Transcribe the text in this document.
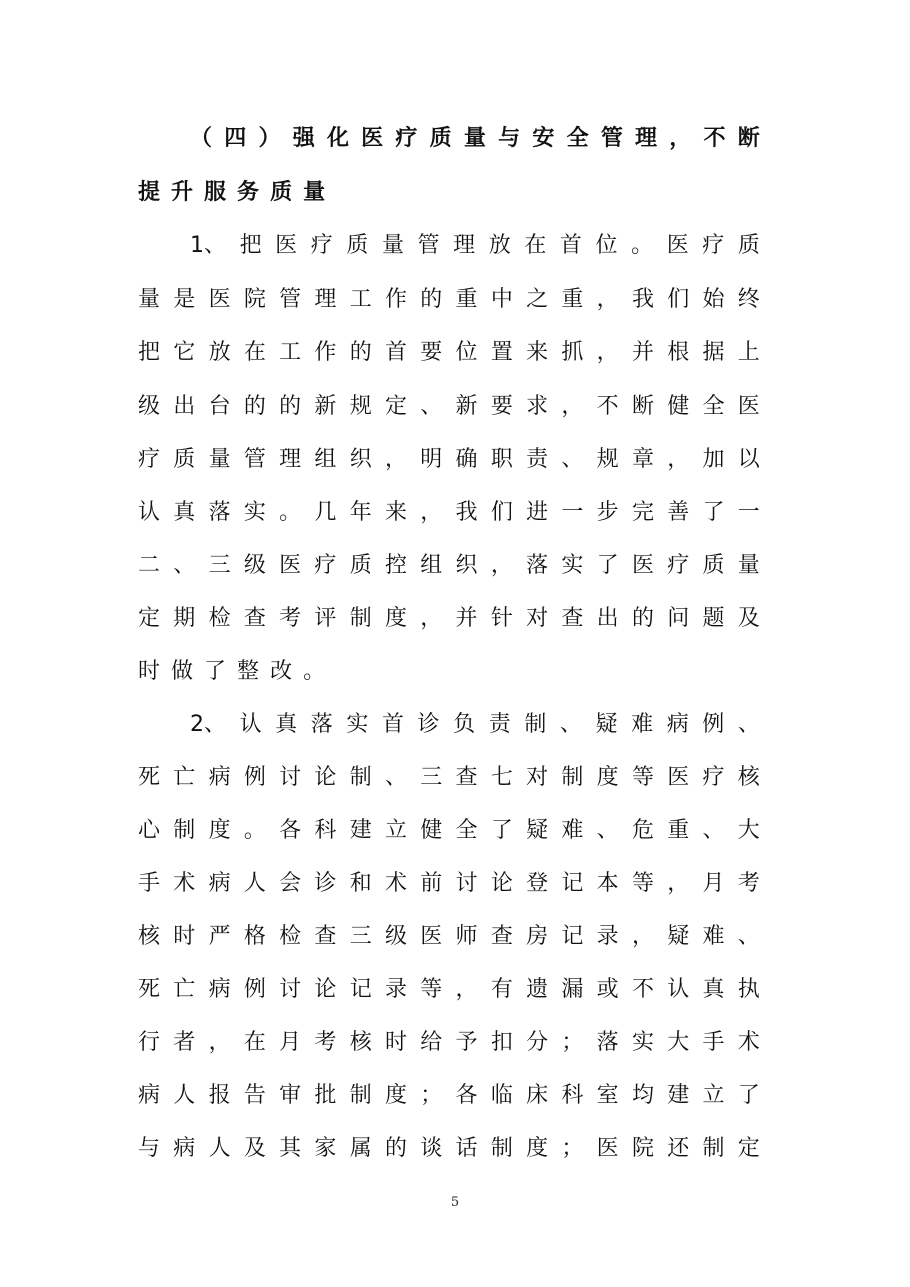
（ 四 ） 强 化 医 疗 质 量 与 安 全 管 理 ， 不 断
提 升 服 务 质 量
1、 把 医 疗 质 量 管 理 放 在 首 位 。 医 疗 质
量 是 医 院 管 理 工 作 的 重 中 之 重 ， 我 们 始 终
把 它 放 在 工 作 的 首 要 位 置 来 抓 ， 并 根 据 上
级 出 台 的 的 新 规 定 、 新 要 求 ， 不 断 健 全 医
疗 质 量 管 理 组 织 ， 明 确 职 责 、 规 章 ， 加 以
认 真 落 实 。 几 年 来 ， 我 们 进 一 步 完 善 了 一
二 、 三 级 医 疗 质 控 组 织 ， 落 实 了 医 疗 质 量
定 期 检 查 考 评 制 度 ， 并 针 对 查 出 的 问 题 及
时 做 了 整 改 。
2、 认 真 落 实 首 诊 负 责 制 、 疑 难 病 例 、
死 亡 病 例 讨 论 制 、 三 查 七 对 制 度 等 医 疗 核
心 制 度 。 各 科 建 立 健 全 了 疑 难 、 危 重 、 大
手 术 病 人 会 诊 和 术 前 讨 论 登 记 本 等 ， 月 考
核 时 严 格 检 查 三 级 医 师 查 房 记 录 ， 疑 难 、
死 亡 病 例 讨 论 记 录 等 ， 有 遗 漏 或 不 认 真 执
行 者 ， 在 月 考 核 时 给 予 扣 分 ； 落 实 大 手 术
病 人 报 告 审 批 制 度 ； 各 临 床 科 室 均 建 立 了
与 病 人 及 其 家 属 的 谈 话 制 度 ； 医 院 还 制 定
5
